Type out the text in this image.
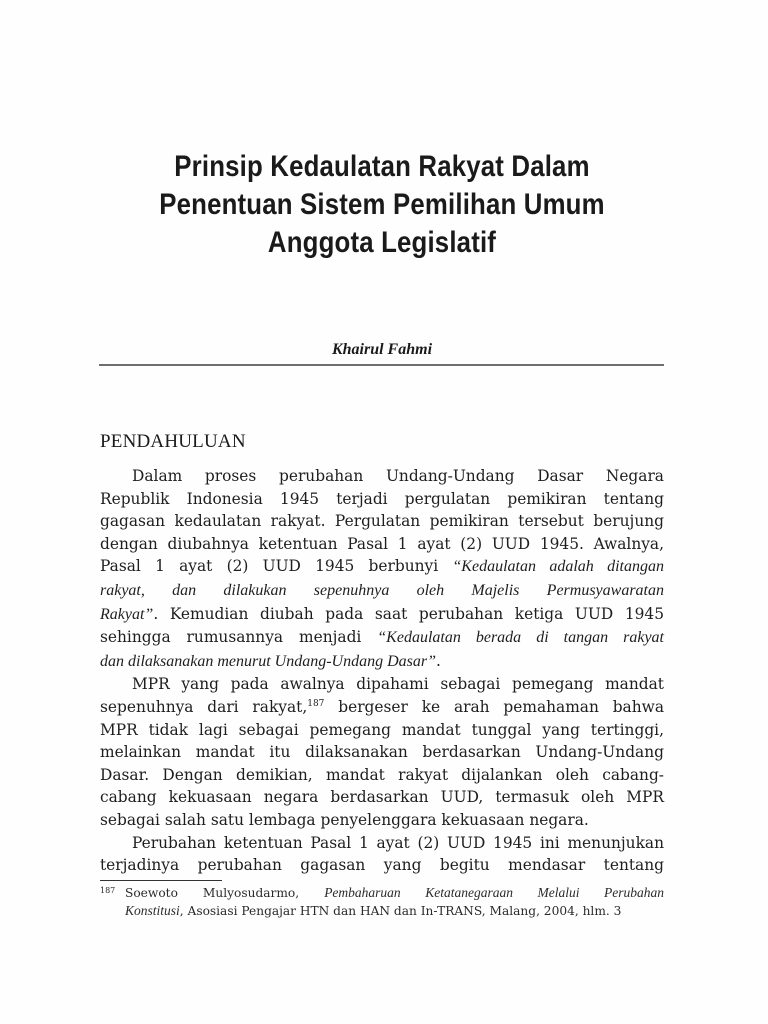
Prinsip Kedaulatan Rakyat Dalam
Penentuan Sistem Pemilihan Umum
Anggota Legislatif
Khairul Fahmi
PENDAHULUAN
Dalam proses perubahan Undang-Undang Dasar Negara
Republik Indonesia 1945 terjadi pergulatan pemikiran tentang
gagasan kedaulatan rakyat. Pergulatan pemikiran tersebut berujung
dengan diubahnya ketentuan Pasal 1 ayat (2) UUD 1945. Awalnya,
Pasal 1 ayat (2) UUD 1945 berbunyi “Kedaulatan adalah ditangan
rakyat, dan dilakukan sepenuhnya oleh Majelis Permusyawaratan
Rakyat”. Kemudian diubah pada saat perubahan ketiga UUD 1945
sehingga rumusannya menjadi “Kedaulatan berada di tangan rakyat
dan dilaksanakan menurut Undang-Undang Dasar”.
MPR yang pada awalnya dipahami sebagai pemegang mandat
sepenuhnya dari rakyat,$^{187}$ bergeser ke arah pemahaman bahwa
MPR tidak lagi sebagai pemegang mandat tunggal yang tertinggi,
melainkan mandat itu dilaksanakan berdasarkan Undang-Undang
Dasar. Dengan demikian, mandat rakyat dijalankan oleh cabang-
cabang kekuasaan negara berdasarkan UUD, termasuk oleh MPR
sebagai salah satu lembaga penyelenggara kekuasaan negara.
Perubahan ketentuan Pasal 1 ayat (2) UUD 1945 ini menunjukan
terjadinya perubahan gagasan yang begitu mendasar tentang
187 Soewoto Mulyosudarmo, Pembaharuan Ketatanegaraan Melalui Perubahan
Konstitusi, Asosiasi Pengajar HTN dan HAN dan In-TRANS, Malang, 2004, hlm. 3
